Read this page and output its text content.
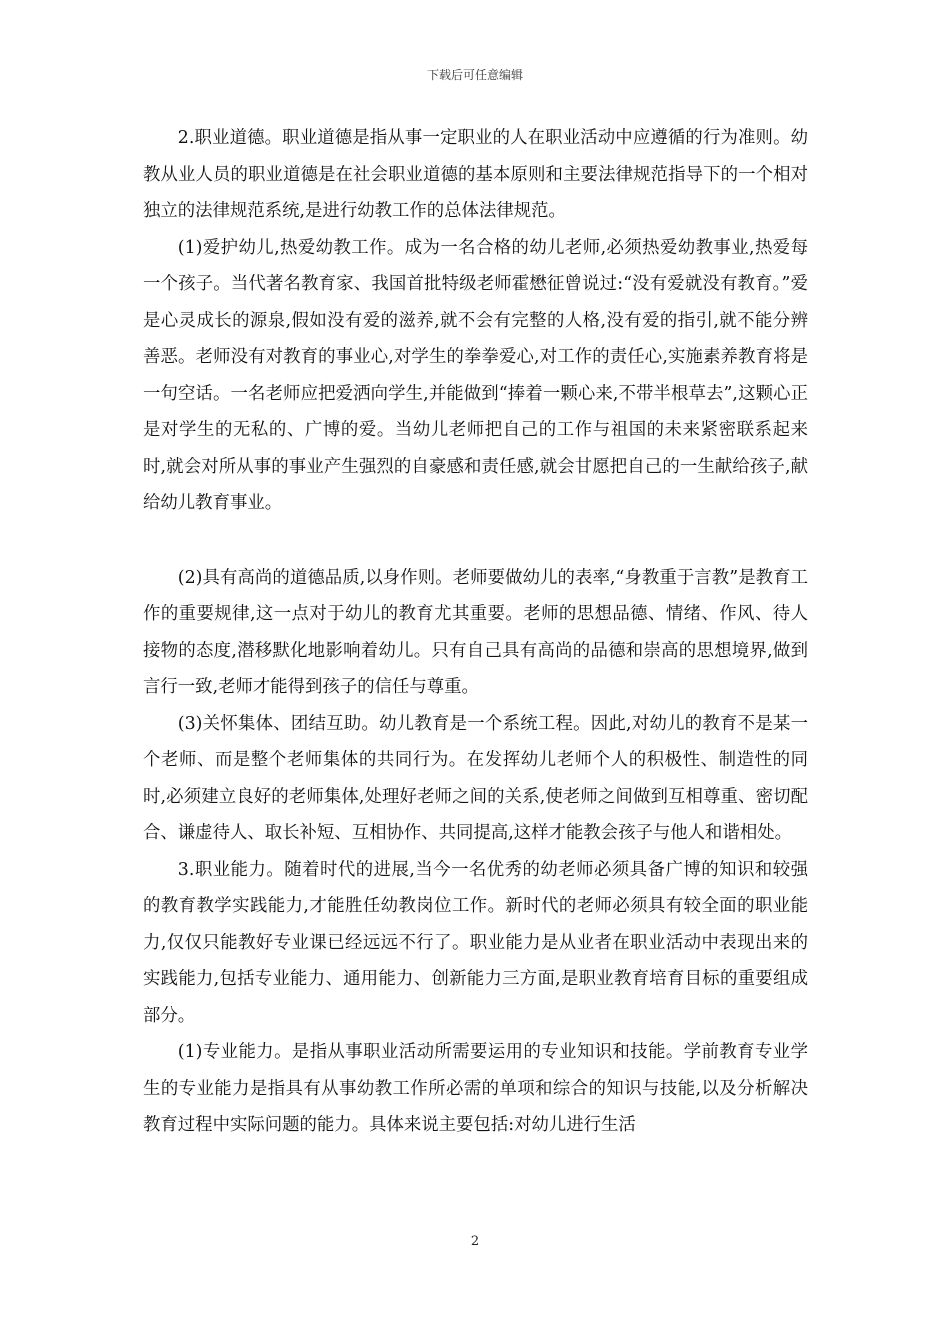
下载后可任意编辑

2.职业道德。职业道德是指从事一定职业的人在职业活动中应遵循的行为准则。幼教从业人员的职业道德是在社会职业道德的基本原则和主要法律规范指导下的一个相对独立的法律规范系统,是进行幼教工作的总体法律规范。

(1)爱护幼儿,热爱幼教工作。成为一名合格的幼儿老师,必须热爱幼教事业,热爱每一个孩子。当代著名教育家、我国首批特级老师霍懋征曾说过:“没有爱就没有教育。”爱是心灵成长的源泉,假如没有爱的滋养,就不会有完整的人格,没有爱的指引,就不能分辨善恶。老师没有对教育的事业心,对学生的拳拳爱心,对工作的责任心,实施素养教育将是一句空话。一名老师应把爱洒向学生,并能做到“捧着一颗心来,不带半根草去”,这颗心正是对学生的无私的、广博的爱。当幼儿老师把自己的工作与祖国的未来紧密联系起来时,就会对所从事的事业产生强烈的自豪感和责任感,就会甘愿把自己的一生献给孩子,献给幼儿教育事业。

(2)具有高尚的道德品质,以身作则。老师要做幼儿的表率,“身教重于言教”是教育工作的重要规律,这一点对于幼儿的教育尤其重要。老师的思想品德、情绪、作风、待人接物的态度,潜移默化地影响着幼儿。只有自己具有高尚的品德和崇高的思想境界,做到言行一致,老师才能得到孩子的信任与尊重。

(3)关怀集体、团结互助。幼儿教育是一个系统工程。因此,对幼儿的教育不是某一个老师、而是整个老师集体的共同行为。在发挥幼儿老师个人的积极性、制造性的同时,必须建立良好的老师集体,处理好老师之间的关系,使老师之间做到互相尊重、密切配合、谦虚待人、取长补短、互相协作、共同提高,这样才能教会孩子与他人和谐相处。

3.职业能力。随着时代的进展,当今一名优秀的幼老师必须具备广博的知识和较强的教育教学实践能力,才能胜任幼教岗位工作。新时代的老师必须具有较全面的职业能力,仅仅只能教好专业课已经远远不行了。职业能力是从业者在职业活动中表现出来的实践能力,包括专业能力、通用能力、创新能力三方面,是职业教育培育目标的重要组成部分。

(1)专业能力。是指从事职业活动所需要运用的专业知识和技能。学前教育专业学生的专业能力是指具有从事幼教工作所必需的单项和综合的知识与技能,以及分析解决教育过程中实际问题的能力。具体来说主要包括:对幼儿进行生活

2
